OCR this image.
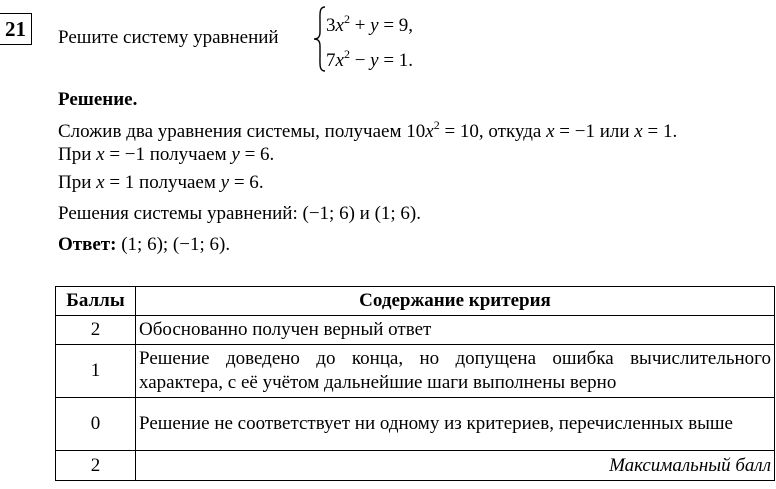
21	Решите систему уравнений
$3x^2 + y = 9$,
$7x^2 - y = 1$.
Решение.
Сложив два уравнения системы, получаем $10x^2 = 10$, откуда x = −1 или x = 1.
При x = −1 получаем y = 6.
При x = 1 получаем y = 6.
Решения системы уравнений: (−1; 6) и (1; 6).
Ответ: (1; 6); (−1; 6).
Баллы	Содержание критерия
2	Обоснованно получен верный ответ
1	Решение доведено до конца, но допущена ошибка вычислительного характера, с её учётом дальнейшие шаги выполнены верно
0	Решение не соответствует ни одному из критериев, перечисленных выше
2	Максимальный балл
